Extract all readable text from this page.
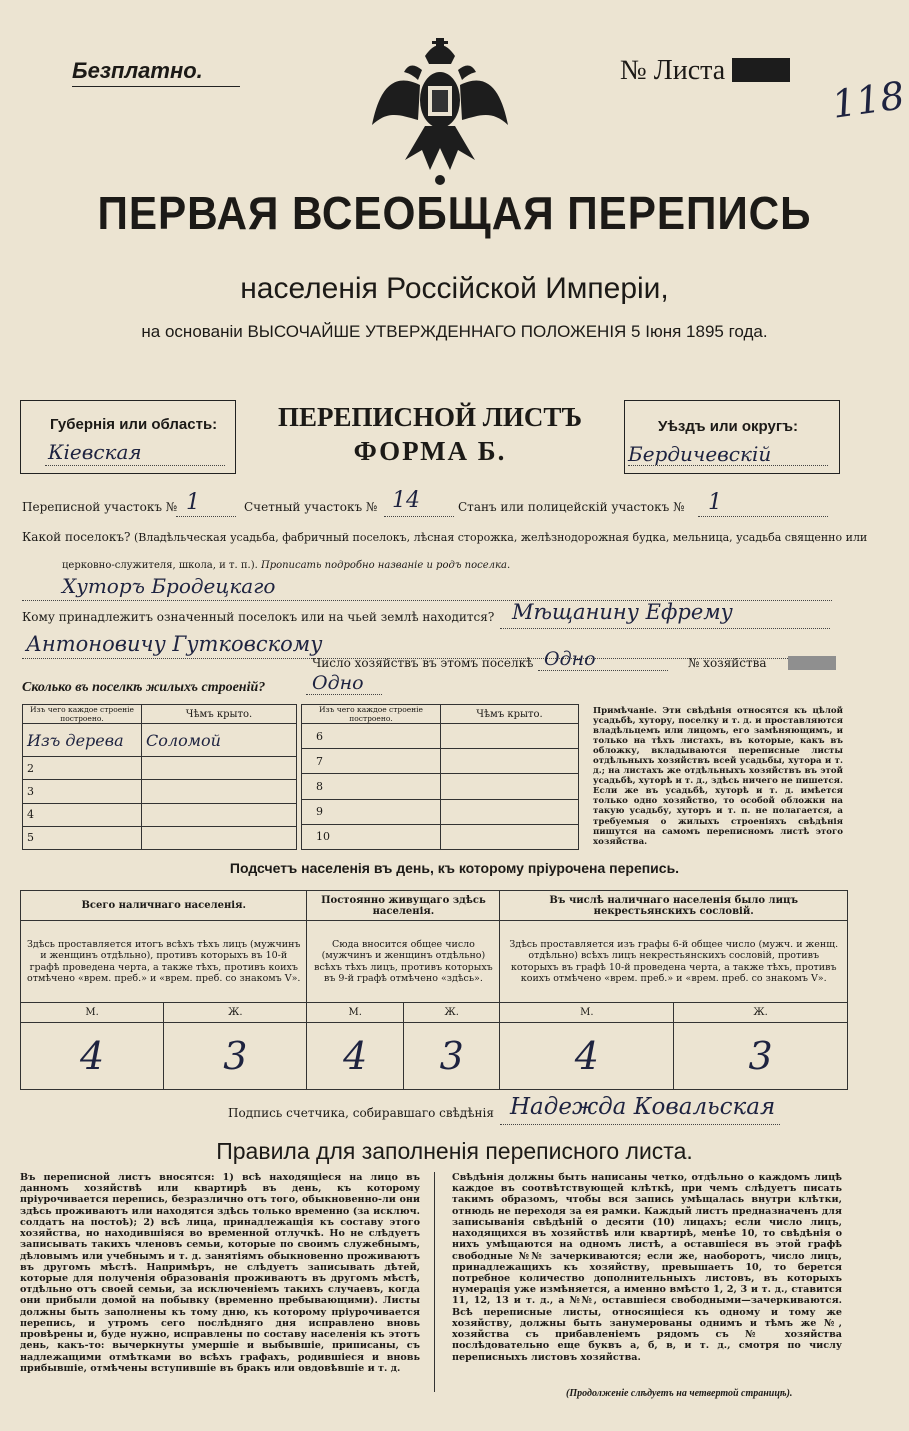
Безплатно.	№ Листа
118
ПЕРВАЯ ВСЕОБЩАЯ ПЕРЕПИСЬ
населенія Россійской Имперіи,
на основаніи ВЫСОЧАЙШЕ УТВЕРЖДЕННАГО ПОЛОЖЕНІЯ 5 Іюня 1895 года.
Губернія или область:
Кіевская
ПЕРЕПИСНОЙ ЛИСТЪ
ФОРМА Б.
Уѣздъ или округъ:
Бердичевскій
Переписной участокъ № 1	Счетный участокъ № 14	Станъ или полицейскій участокъ № 1
Какой поселокъ? (Владѣльческая усадьба, фабричный поселокъ, лѣсная сторожка, желѣзнодорожная будка, мельница, усадьба священно или
церковно-служителя, школа, и т. п.). Прописать подробно названіе и родъ поселка.
Хуторъ Бродецкаго
Кому принадлежитъ означенный поселокъ или на чьей землѣ находится? Мѣщанину Ефрему
Антоновичу Гутковскому
Число хозяйствъ въ этомъ поселкѣ Одно	№ хозяйства
Сколько въ поселкѣ жилыхъ строеній? Одно
Изъ чего каждое строеніе построено.	Чѣмъ крыто.
Изъ дерева	Соломой
2	
3	
4	
5	
Изъ чего каждое строеніе построено.	Чѣмъ крыто.
6	
7	
8	
9	
10	
Примѣчаніе. Эти свѣдѣнія относятся къ цѣлой усадьбѣ, хутору, поселку и т. д. и проставляются владѣльцемъ или лицомъ, его замѣняющимъ, и только на тѣхъ листахъ, въ которые, какъ въ обложку, вкладываются переписные листы отдѣльныхъ хозяйствъ всей усадьбы, хутора и т. д.; на листахъ же отдѣльныхъ хозяйствъ въ этой усадьбѣ, хуторѣ и т. д., здѣсь ничего не пишется. Если же въ усадьбѣ, хуторѣ и т. д. имѣется только одно хозяйство, то особой обложки на такую усадьбу, хуторъ и т. п. не полагается, а требуемыя о жилыхъ строеніяхъ свѣдѣнія пишутся на самомъ переписномъ листѣ этого хозяйства.
Подсчетъ населенія въ день, къ которому пріурочена перепись.
Всего наличнаго населенія.		Постоянно живущаго здѣсь населенія.		Въ числѣ наличнаго населенія было лицъ некрестьянскихъ сословій.	
Здѣсь проставляется итогъ всѣхъ тѣхъ лицъ (мужчинъ и женщинъ отдѣльно), противъ которыхъ въ 10-й графѣ проведена черта, а также тѣхъ, противъ коихъ отмѣчено «врем. преб.» и «врем. преб. со знакомъ V».		Сюда вносится общее число (мужчинъ и женщинъ отдѣльно) всѣхъ тѣхъ лицъ, противъ которыхъ въ 9-й графѣ отмѣчено «здѣсь».		Здѣсь проставляется изъ графы 6-й общее число (мужч. и женщ. отдѣльно) всѣхъ лицъ некрестьянскихъ сословій, противъ которыхъ въ графѣ 10-й проведена черта, а также тѣхъ, противъ коихъ отмѣчено «врем. преб.» и «врем. преб. со знакомъ V».	
М.	Ж.	М.	Ж.	М.	Ж.
4	3	4	3	4	3
Подпись счетчика, собиравшаго свѣдѣнія Надежда Ковальская
Правила для заполненія переписного листа.
Въ переписной листъ вносятся: 1) всѣ находящіеся на лицо въ данномъ хозяйствѣ или квартирѣ въ день, къ которому пріурочивается перепись, безразлично отъ того, обыкновенно-ли они здѣсь проживаютъ или находятся здѣсь только временно (за исключ. солдатъ на постоѣ); 2) всѣ лица, принадлежащія къ составу этого хозяйства, но находившіяся во временной отлучкѣ. Но не слѣдуетъ записывать такихъ членовъ семьи, которые по своимъ служебнымъ, дѣловымъ или учебнымъ и т. д. занятіямъ обыкновенно проживаютъ въ другомъ мѣстѣ. Напримѣръ, не слѣдуетъ записывать дѣтей, которые для полученія образованія проживаютъ въ другомъ мѣстѣ, отдѣльно отъ своей семьи, за исключеніемъ такихъ случаевъ, когда они прибыли домой на побывку (временно пребывающими). Листы должны быть заполнены къ тому дню, къ которому пріурочивается перепись, и утромъ сего послѣдняго дня исправлено вновь провѣрены и, буде нужно, исправлены по составу населенія къ этотъ день, какъ-то: вычеркнуты умершіе и выбывшіе, приписаны, съ надлежащими отмѣтками во всѣхъ графахъ, родившіеся и вновь прибывшіе, отмѣчены вступившіе въ бракъ или овдовѣвшіе и т. д.
Свѣдѣнія должны быть написаны четко, отдѣльно о каждомъ лицѣ каждое въ соотвѣтствующей клѣткѣ, при чемъ слѣдуетъ писать такимъ образомъ, чтобы вся запись умѣщалась внутри клѣтки, отнюдь не переходя за ея рамки. Каждый листъ предназначенъ для записыванія свѣдѣній о десяти (10) лицахъ; если число лицъ, находящихся въ хозяйствѣ или квартирѣ, менѣе 10, то свѣдѣнія о нихъ умѣщаются на одномъ листѣ, а оставшіеся въ этой графѣ свободные №№ зачеркиваются; если же, наоборотъ, число лицъ, принадлежащихъ къ хозяйству, превышаетъ 10, то берется потребное количество дополнительныхъ листовъ, въ которыхъ нумерація уже измѣняется, а именно вмѣсто 1, 2, 3 и т. д., ставится 11, 12, 13 и т. д., а №№, оставшіеся свободными—зачеркиваются. Всѣ переписные листы, относящіеся къ одному и тому же хозяйству, должны быть занумерованы однимъ и тѣмъ же №, хозяйства съ прибавленіемъ рядомъ съ № хозяйства послѣдовательно еще буквъ а, б, в, и т. д., смотря по числу переписныхъ листовъ хозяйства.
(Продолженіе слѣдуетъ на четвертой страницѣ).
